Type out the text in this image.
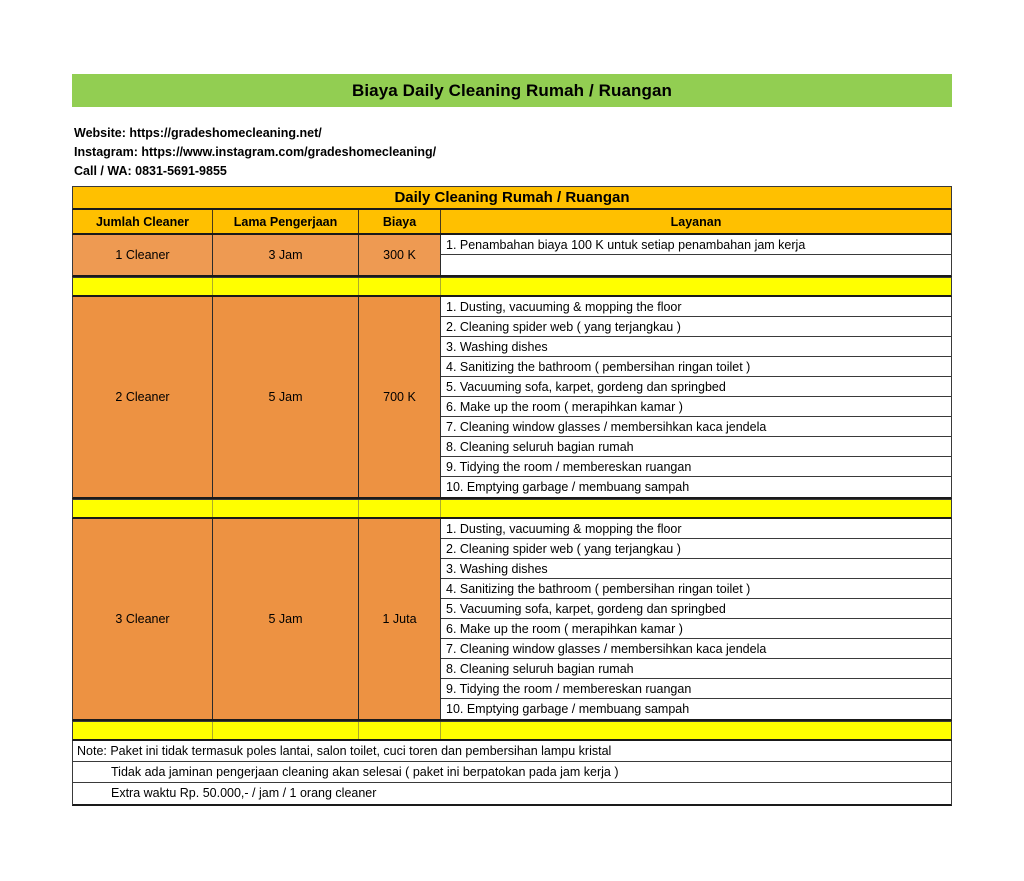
Biaya Daily Cleaning Rumah / Ruangan
Website: https://gradeshomecleaning.net/
Instagram: https://www.instagram.com/gradeshomecleaning/
Call / WA: 0831-5691-9855
Daily Cleaning Rumah / Ruangan
Jumlah Cleaner	Lama Pengerjaan	Biaya	Layanan
1 Cleaner	3 Jam	300 K
1. Penambahan biaya 100 K untuk setiap penambahan jam kerja
2 Cleaner	5 Jam	700 K
1. Dusting, vacuuming & mopping the floor
2. Cleaning spider web ( yang terjangkau )
3. Washing dishes
4. Sanitizing the bathroom ( pembersihan ringan toilet )
5. Vacuuming sofa, karpet, gordeng dan springbed
6. Make up the room ( merapihkan kamar )
7. Cleaning window glasses / membersihkan kaca jendela
8. Cleaning seluruh bagian rumah
9. Tidying the room / membereskan ruangan
10. Emptying garbage / membuang sampah
3 Cleaner	5 Jam	1 Juta
1. Dusting, vacuuming & mopping the floor
2. Cleaning spider web ( yang terjangkau )
3. Washing dishes
4. Sanitizing the bathroom ( pembersihan ringan toilet )
5. Vacuuming sofa, karpet, gordeng dan springbed
6. Make up the room ( merapihkan kamar )
7. Cleaning window glasses / membersihkan kaca jendela
8. Cleaning seluruh bagian rumah
9. Tidying the room / membereskan ruangan
10. Emptying garbage / membuang sampah
Note: Paket ini tidak termasuk poles lantai, salon toilet, cuci toren dan pembersihan lampu kristal
Tidak ada jaminan pengerjaan cleaning akan selesai ( paket ini berpatokan pada jam kerja )
Extra waktu Rp. 50.000,- / jam / 1 orang cleaner
